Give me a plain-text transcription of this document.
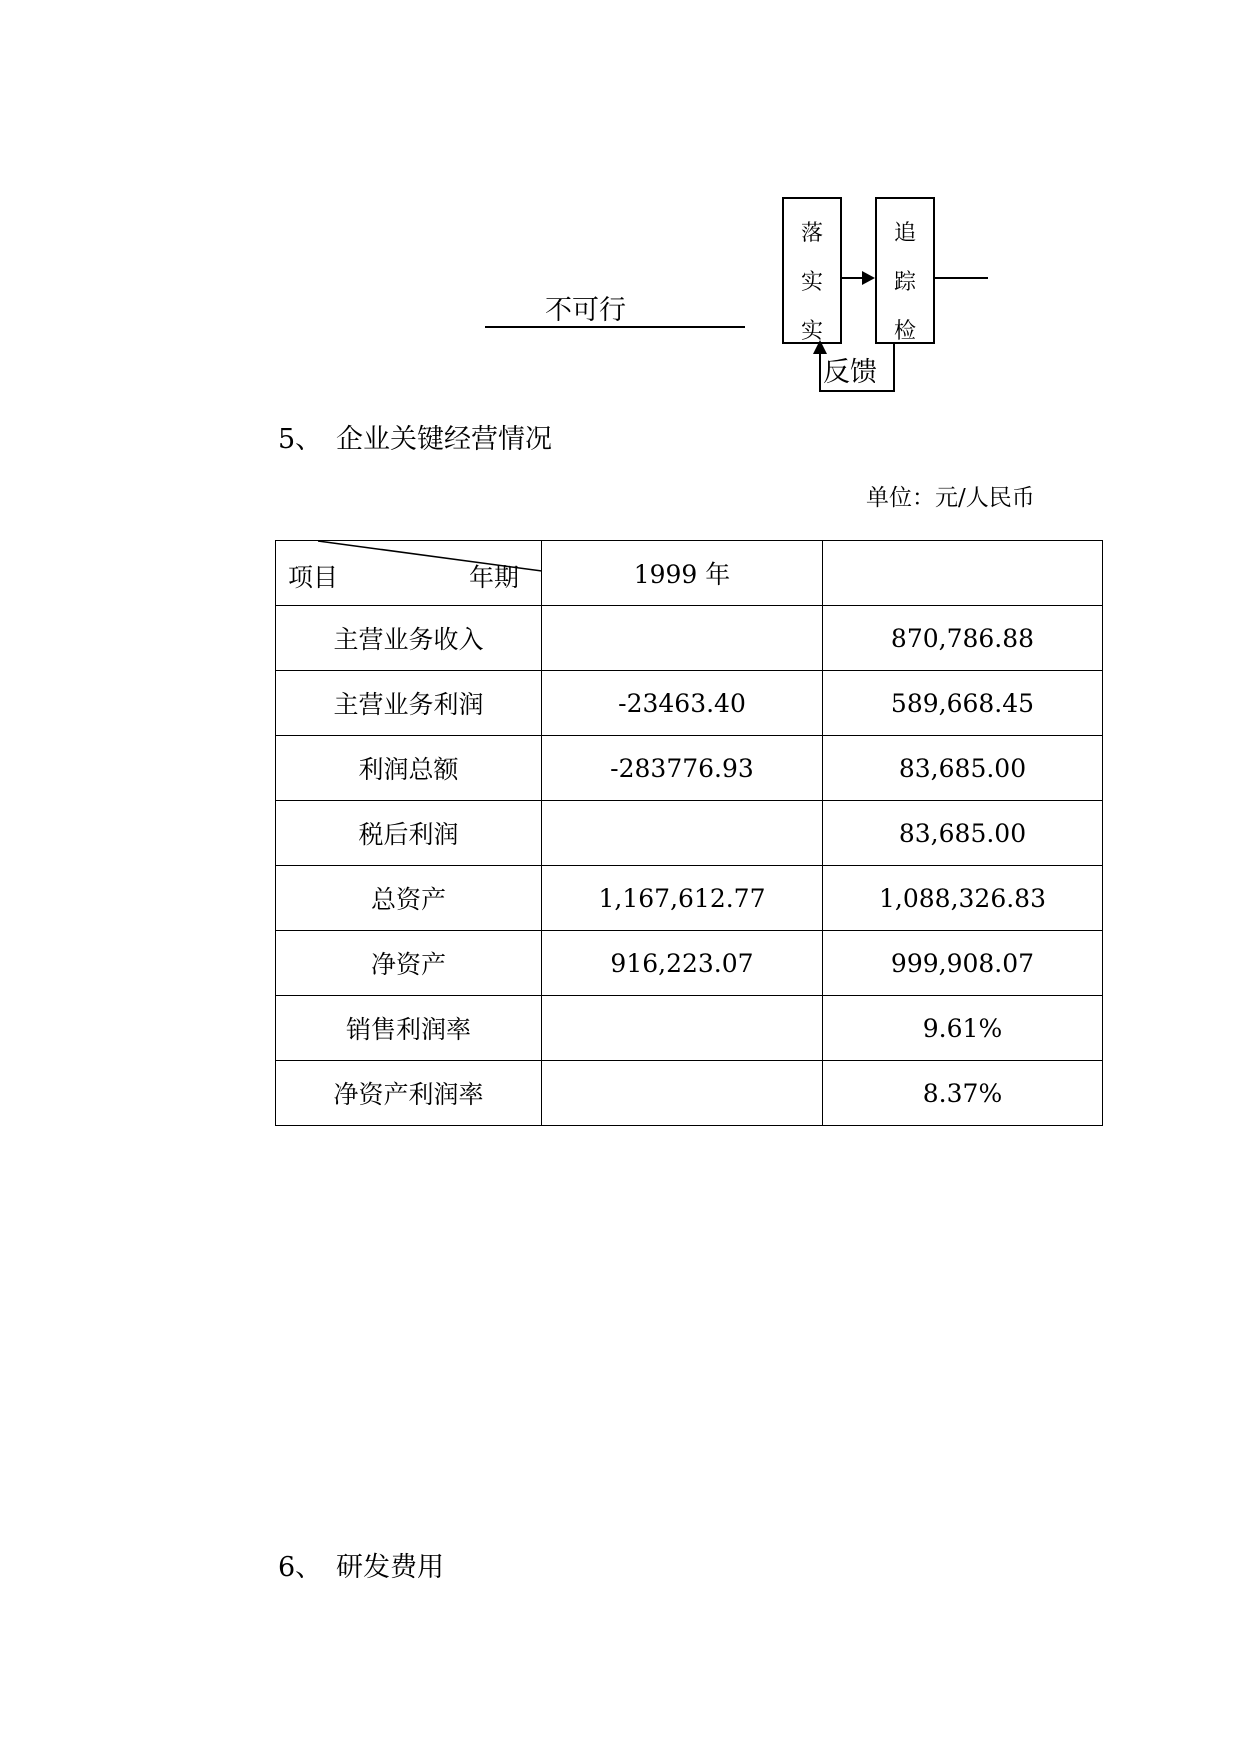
落
实
实
追
踪
检
不可行
反馈
5、 企业关键经营情况
单位：元/人民币
项目 年期	1999 年	
主营业务收入		870,786.88
主营业务利润	-23463.40	589,668.45
利润总额	-283776.93	83,685.00
税后利润		83,685.00
总资产	1,167,612.77	1,088,326.83
净资产	916,223.07	999,908.07
销售利润率		9.61%
净资产利润率		8.37%
6、 研发费用
